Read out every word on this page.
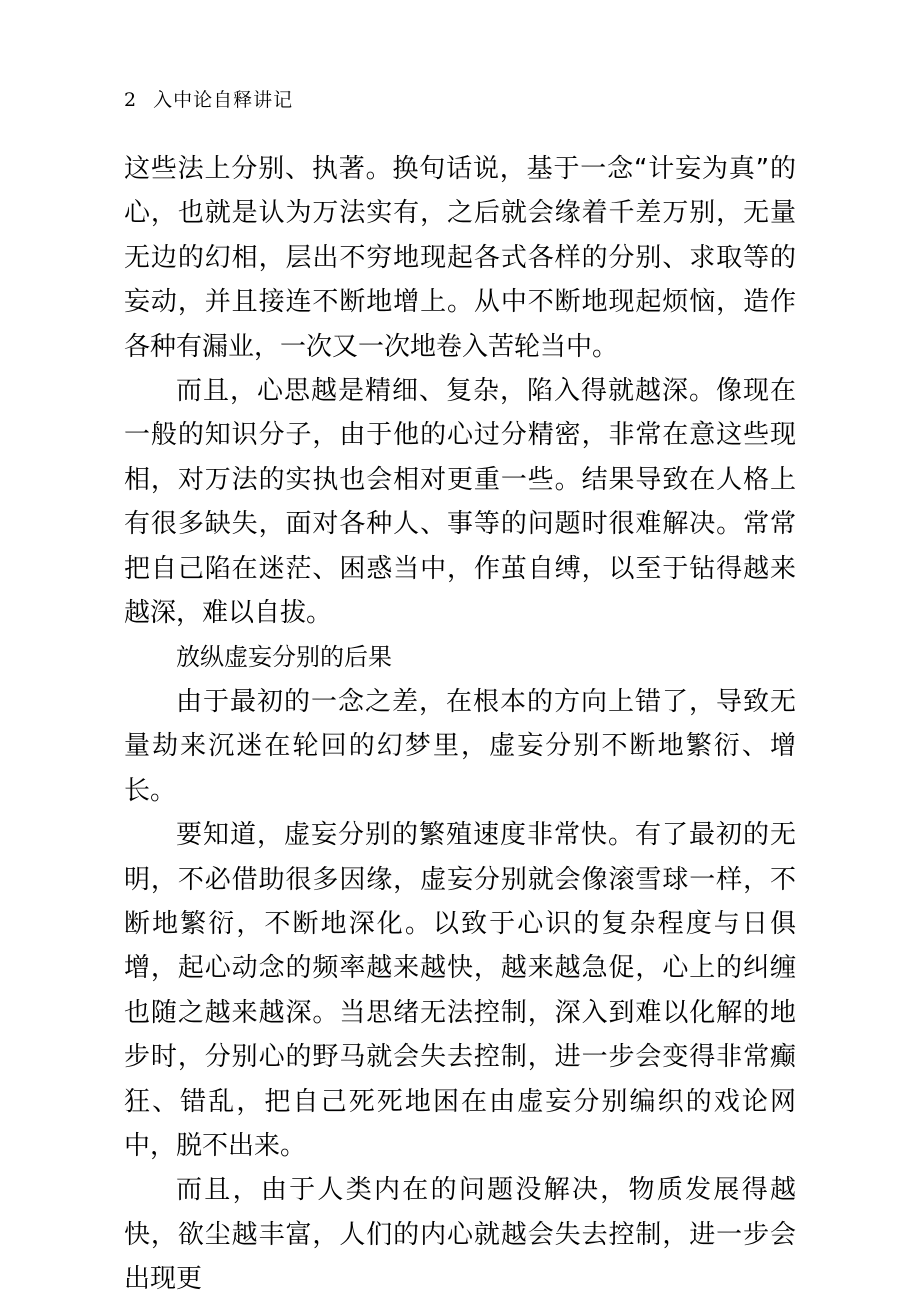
2 入中论自释讲记

这些法上分别、执著。换句话说，基于一念“计妄为真”的心，也就是认为万法实有，之后就会缘着千差万别，无量无边的幻相，层出不穷地现起各式各样的分别、求取等的妄动，并且接连不断地增上。从中不断地现起烦恼，造作各种有漏业，一次又一次地卷入苦轮当中。

而且，心思越是精细、复杂，陷入得就越深。像现在一般的知识分子，由于他的心过分精密，非常在意这些现相，对万法的实执也会相对更重一些。结果导致在人格上有很多缺失，面对各种人、事等的问题时很难解决。常常把自己陷在迷茫、困惑当中，作茧自缚，以至于钻得越来越深，难以自拔。

放纵虚妄分别的后果

由于最初的一念之差，在根本的方向上错了，导致无量劫来沉迷在轮回的幻梦里，虚妄分别不断地繁衍、增长。

要知道，虚妄分别的繁殖速度非常快。有了最初的无明，不必借助很多因缘，虚妄分别就会像滚雪球一样，不断地繁衍，不断地深化。以致于心识的复杂程度与日俱增，起心动念的频率越来越快，越来越急促，心上的纠缠也随之越来越深。当思绪无法控制，深入到难以化解的地步时，分别心的野马就会失去控制，进一步会变得非常癫狂、错乱，把自己死死地困在由虚妄分别编织的戏论网中，脱不出来。

而且，由于人类内在的问题没解决，物质发展得越快，欲尘越丰富，人们的内心就越会失去控制，进一步会出现更
